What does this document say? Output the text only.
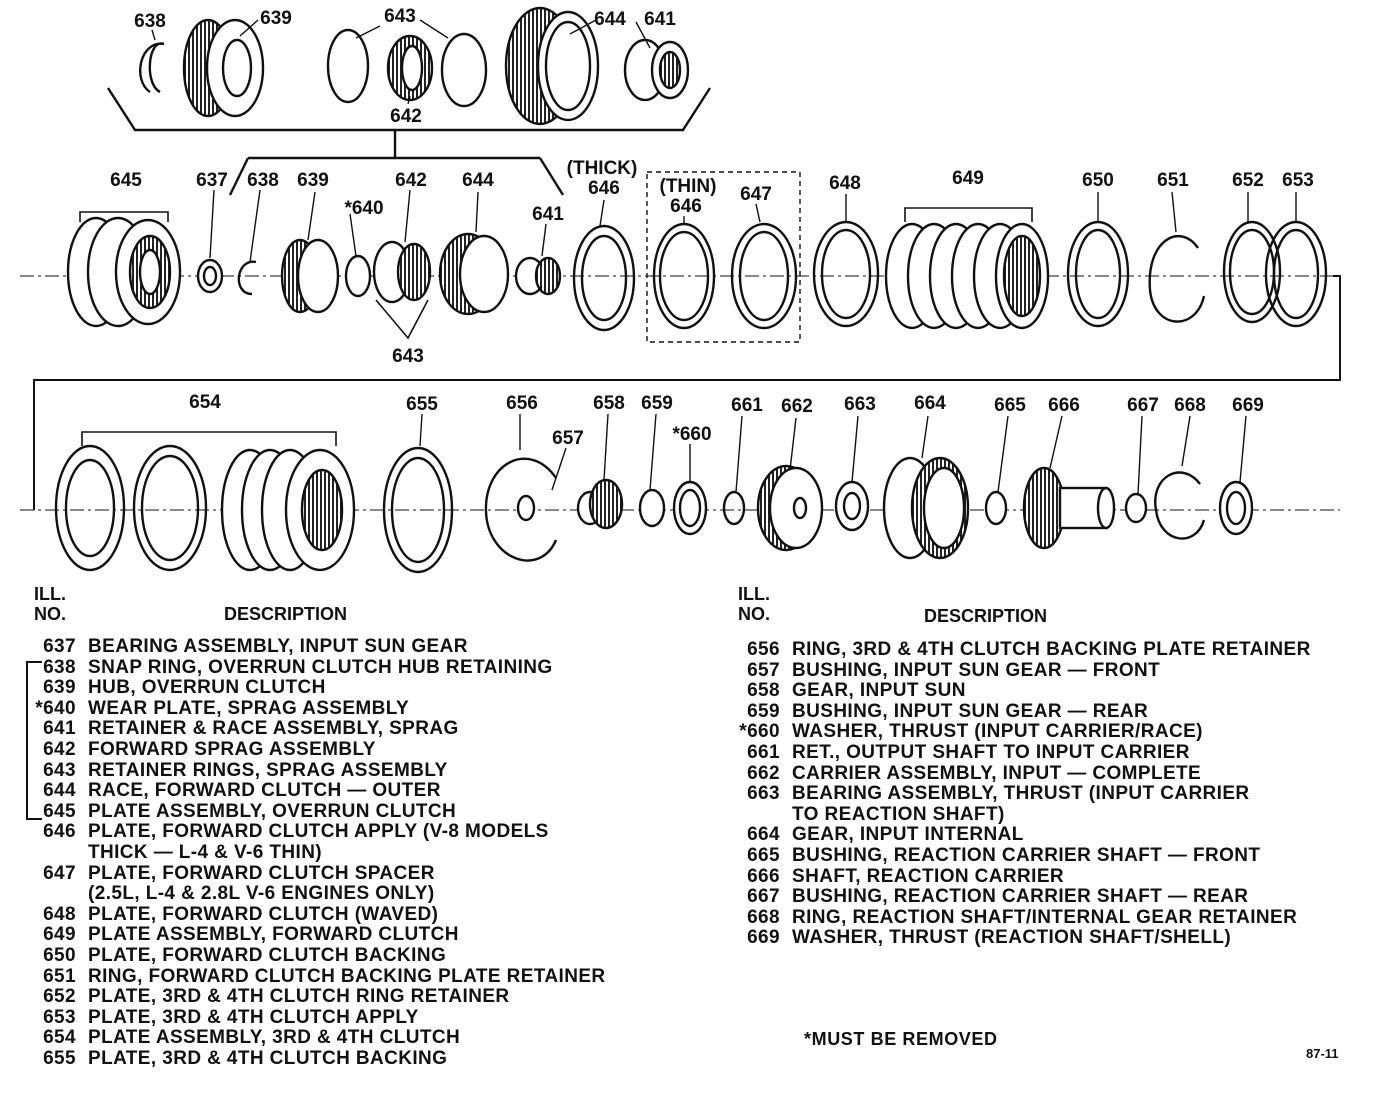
638	639	643	644 641
642
645	637 638 639
*640
642 644
641
(THICK)
646 (THIN)
646
647
648	649	650 651 652 653
643
654	655	656
657
658 659
*660
661 662 663 664	665 666 667 668 669
ILL.
NO.	DESCRIPTION
637 BEARING ASSEMBLY, INPUT SUN GEAR
638 SNAP RING, OVERRUN CLUTCH HUB RETAINING
639 HUB, OVERRUN CLUTCH
*640 WEAR PLATE, SPRAG ASSEMBLY
641 RETAINER & RACE ASSEMBLY, SPRAG
642 FORWARD SPRAG ASSEMBLY
643 RETAINER RINGS, SPRAG ASSEMBLY
644 RACE, FORWARD CLUTCH — OUTER
645 PLATE ASSEMBLY, OVERRUN CLUTCH
646 PLATE, FORWARD CLUTCH APPLY (V-8 MODELS
THICK — L-4 & V-6 THIN)
647 PLATE, FORWARD CLUTCH SPACER
(2.5L, L-4 & 2.8L V-6 ENGINES ONLY)
648 PLATE, FORWARD CLUTCH (WAVED)
649 PLATE ASSEMBLY, FORWARD CLUTCH
650 PLATE, FORWARD CLUTCH BACKING
651 RING, FORWARD CLUTCH BACKING PLATE RETAINER
652 PLATE, 3RD & 4TH CLUTCH RING RETAINER
653 PLATE, 3RD & 4TH CLUTCH APPLY
654 PLATE ASSEMBLY, 3RD & 4TH CLUTCH
655 PLATE, 3RD & 4TH CLUTCH BACKING
ILL.
NO.	DESCRIPTION
656 RING, 3RD & 4TH CLUTCH BACKING PLATE RETAINER
657 BUSHING, INPUT SUN GEAR — FRONT
658 GEAR, INPUT SUN
659 BUSHING, INPUT SUN GEAR — REAR
*660 WASHER, THRUST (INPUT CARRIER/RACE)
661 RET., OUTPUT SHAFT TO INPUT CARRIER
662 CARRIER ASSEMBLY, INPUT — COMPLETE
663 BEARING ASSEMBLY, THRUST (INPUT CARRIER
TO REACTION SHAFT)
664 GEAR, INPUT INTERNAL
665 BUSHING, REACTION CARRIER SHAFT — FRONT
666 SHAFT, REACTION CARRIER
667 BUSHING, REACTION CARRIER SHAFT — REAR
668 RING, REACTION SHAFT/INTERNAL GEAR RETAINER
669 WASHER, THRUST (REACTION SHAFT/SHELL)
*MUST BE REMOVED
87-11
